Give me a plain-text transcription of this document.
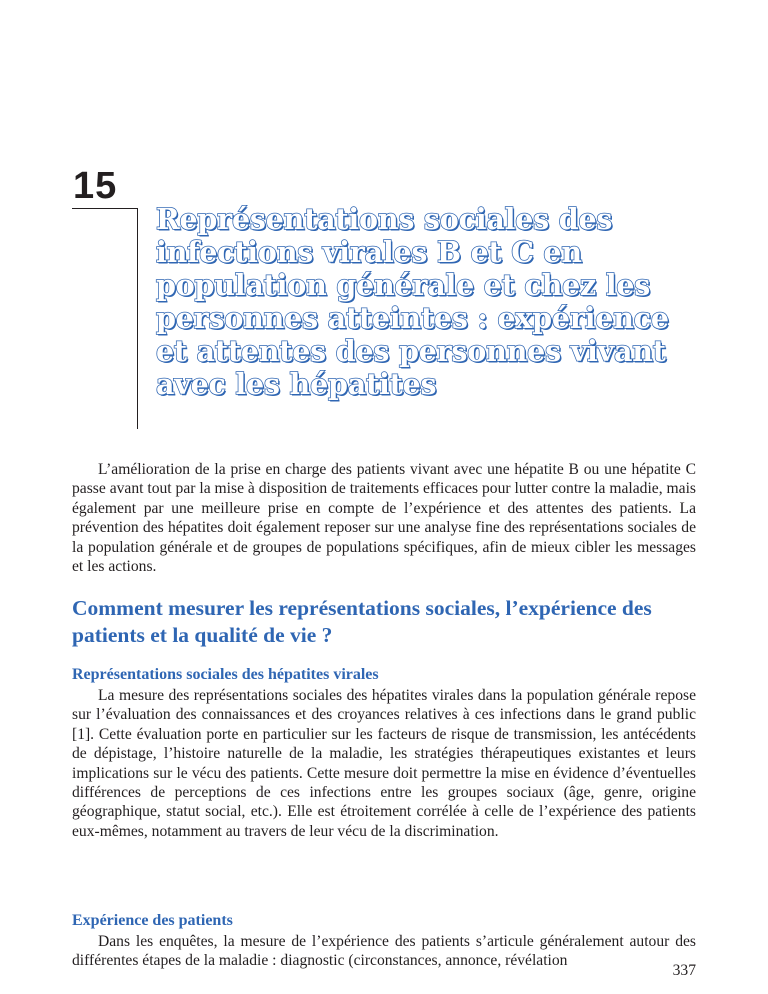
15
Représentations sociales des infections virales B et C en population générale et chez les personnes atteintes : expérience et attentes des personnes vivant avec les hépatites

L’amélioration de la prise en charge des patients vivant avec une hépatite B ou une hépatite C passe avant tout par la mise à disposition de traitements efficaces pour lutter contre la maladie, mais également par une meilleure prise en compte de l’expérience et des attentes des patients. La prévention des hépatites doit également reposer sur une analyse fine des représentations sociales de la population générale et de groupes de populations spécifiques, afin de mieux cibler les messages et les actions.

Comment mesurer les représentations sociales, l’expérience des patients et la qualité de vie ?
Représentations sociales des hépatites virales

La mesure des représentations sociales des hépatites virales dans la population générale repose sur l’évaluation des connaissances et des croyances relatives à ces infections dans le grand public [1]. Cette évaluation porte en particulier sur les facteurs de risque de transmission, les antécédents de dépistage, l’histoire naturelle de la maladie, les stratégies thérapeutiques existantes et leurs implications sur le vécu des patients. Cette mesure doit permettre la mise en évidence d’éventuelles différences de perceptions de ces infections entre les groupes sociaux (âge, genre, origine géographique, statut social, etc.). Elle est étroitement corrélée à celle de l’expérience des patients eux-mêmes, notamment au travers de leur vécu de la discrimination.

Expérience des patients

Dans les enquêtes, la mesure de l’expérience des patients s’articule généralement autour des différentes étapes de la maladie : diagnostic (circonstances, annonce, révélation

337
